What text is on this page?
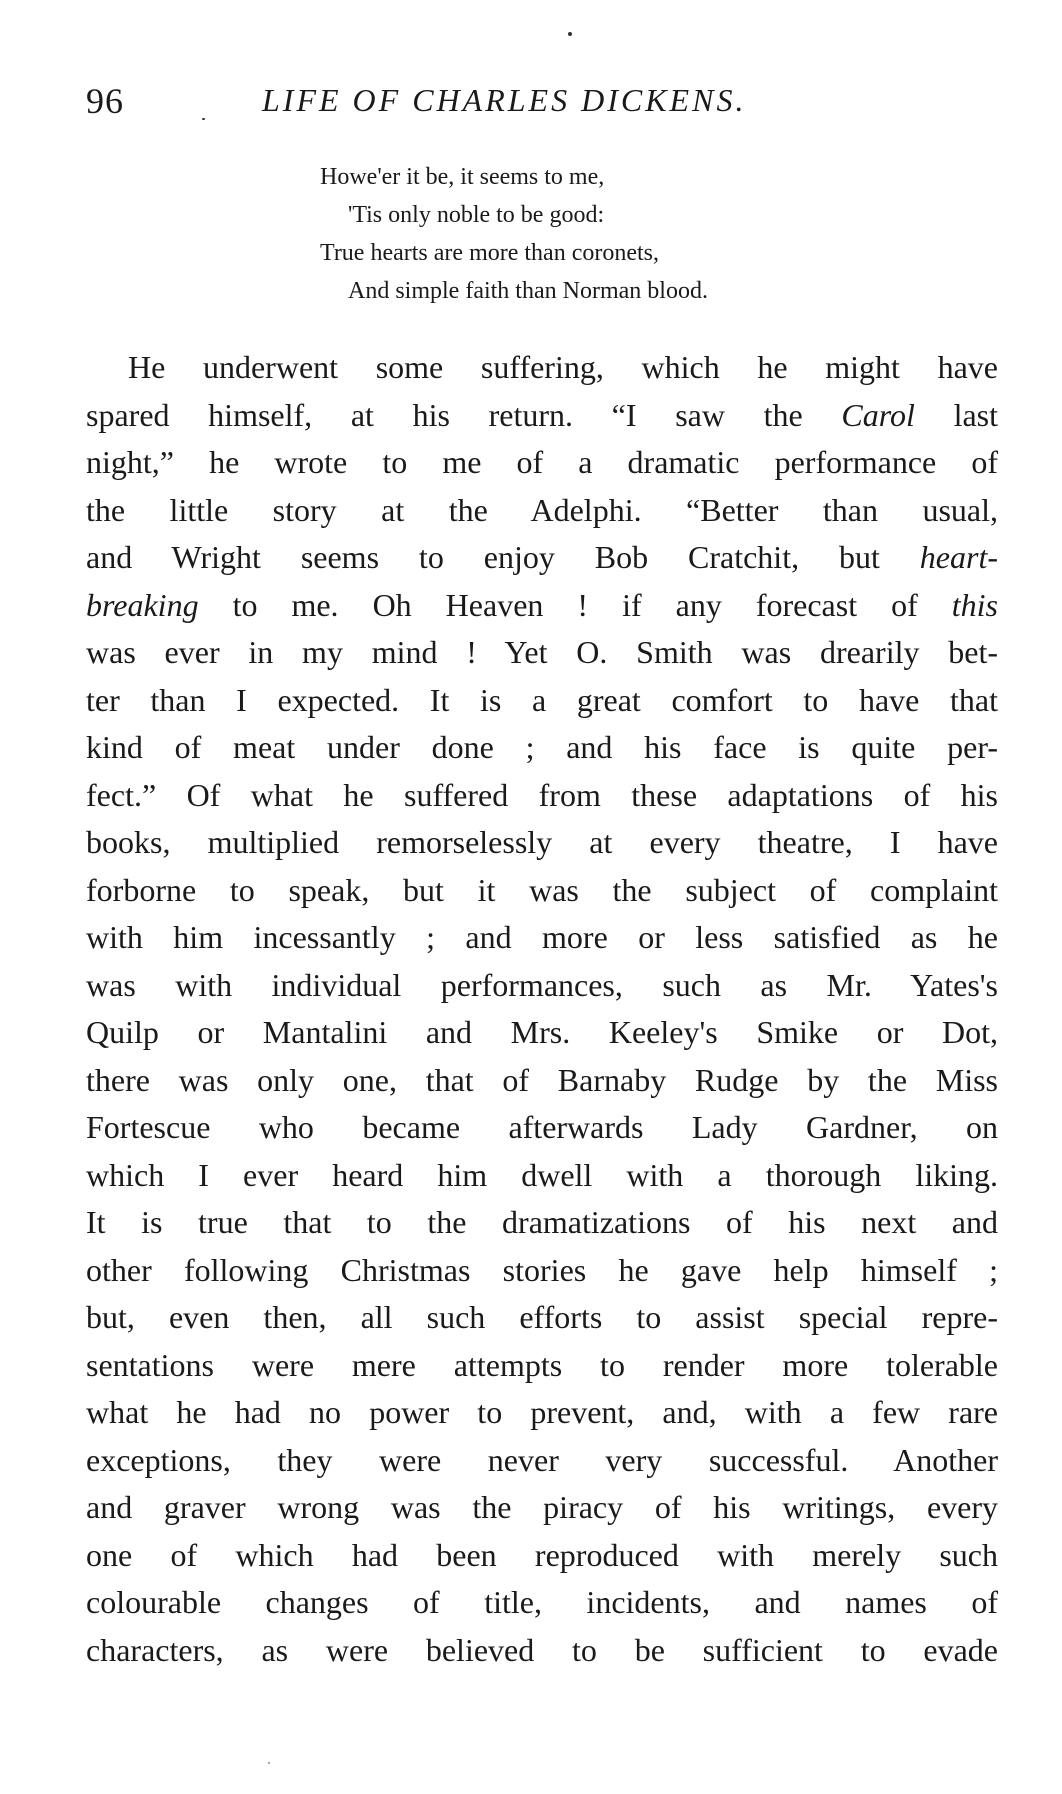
96	LIFE OF CHARLES DICKENS.
Howe'er it be, it seems to me,
'Tis only noble to be good:
True hearts are more than coronets,
And simple faith than Norman blood.
He underwent some suffering, which he might have
spared himself, at his return. “I saw the Carol last
night,” he wrote to me of a dramatic performance of
the little story at the Adelphi. “Better than usual,
and Wright seems to enjoy Bob Cratchit, but heart-
breaking to me. Oh Heaven ! if any forecast of this
was ever in my mind ! Yet O. Smith was drearily bet-
ter than I expected. It is a great comfort to have that
kind of meat under done ; and his face is quite per-
fect.” Of what he suffered from these adaptations of his
books, multiplied remorselessly at every theatre, I have
forborne to speak, but it was the subject of complaint
with him incessantly ; and more or less satisfied as he
was with individual performances, such as Mr. Yates's
Quilp or Mantalini and Mrs. Keeley's Smike or Dot,
there was only one, that of Barnaby Rudge by the Miss
Fortescue who became afterwards Lady Gardner, on
which I ever heard him dwell with a thorough liking.
It is true that to the dramatizations of his next and
other following Christmas stories he gave help himself ;
but, even then, all such efforts to assist special repre-
sentations were mere attempts to render more tolerable
what he had no power to prevent, and, with a few rare
exceptions, they were never very successful. Another
and graver wrong was the piracy of his writings, every
one of which had been reproduced with merely such
colourable changes of title, incidents, and names of
characters, as were believed to be sufficient to evade
